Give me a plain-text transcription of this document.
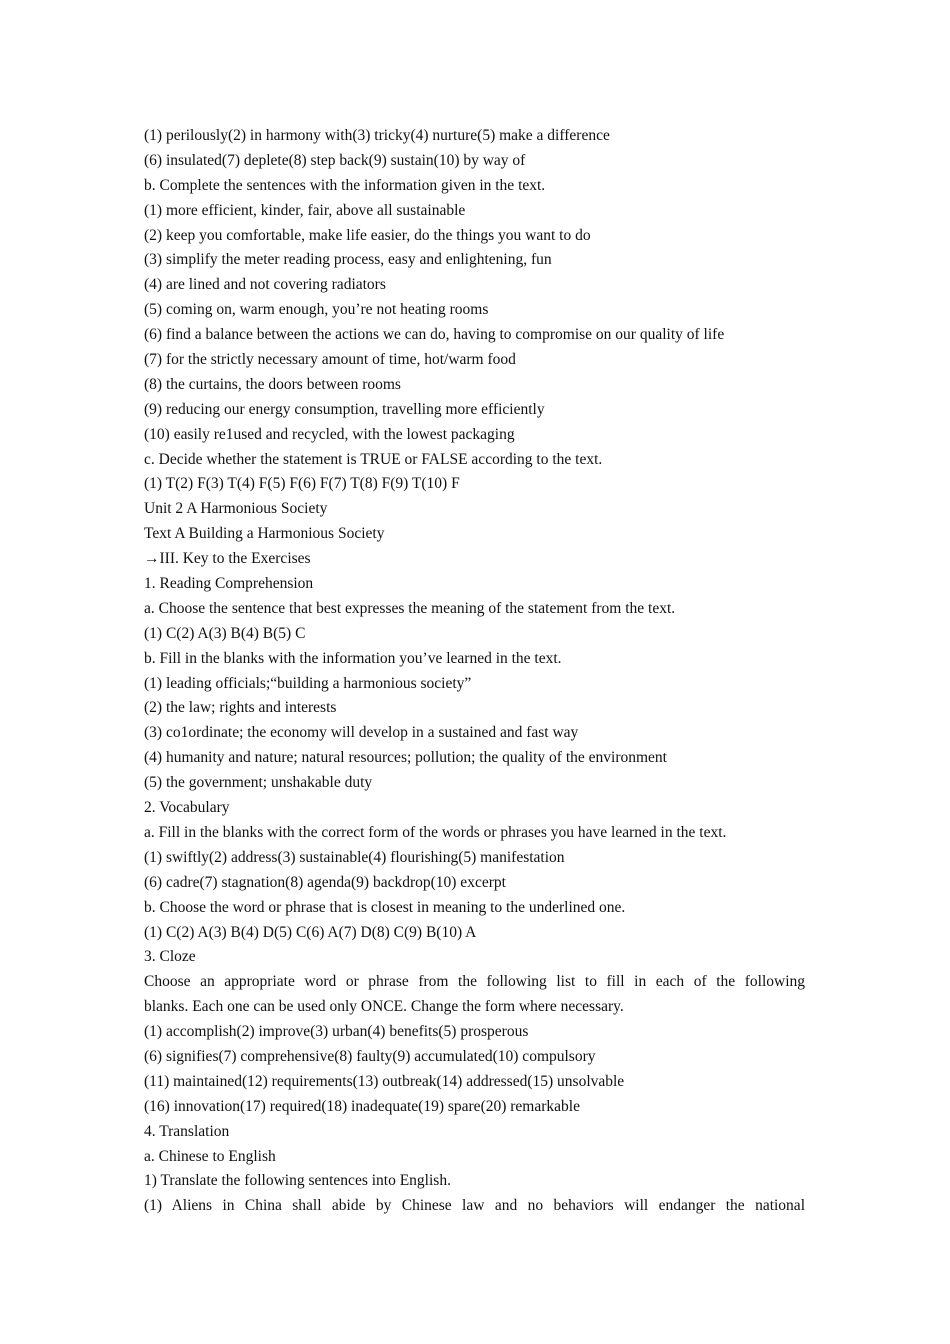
(1) perilously(2) in harmony with(3) tricky(4) nurture(5) make a difference
(6) insulated(7) deplete(8) step back(9) sustain(10) by way of
b. Complete the sentences with the information given in the text.
(1) more efficient, kinder, fair, above all sustainable
(2) keep you comfortable, make life easier, do the things you want to do
(3) simplify the meter reading process, easy and enlightening, fun
(4) are lined and not covering radiators
(5) coming on, warm enough, you’re not heating rooms
(6) find a balance between the actions we can do, having to compromise on our quality of life
(7) for the strictly necessary amount of time, hot/warm food
(8) the curtains, the doors between rooms
(9) reducing our energy consumption, travelling more efficiently
(10) easily re1used and recycled, with the lowest packaging
c. Decide whether the statement is TRUE or FALSE according to the text.
(1) T(2) F(3) T(4) F(5) F(6) F(7) T(8) F(9) T(10) F
Unit 2 A Harmonious Society
Text A Building a Harmonious Society
→III. Key to the Exercises
1. Reading Comprehension
a. Choose the sentence that best expresses the meaning of the statement from the text.
(1) C(2) A(3) B(4) B(5) C
b. Fill in the blanks with the information you’ve learned in the text.
(1) leading officials;“building a harmonious society”
(2) the law; rights and interests
(3) co1ordinate; the economy will develop in a sustained and fast way
(4) humanity and nature; natural resources; pollution; the quality of the environment
(5) the government; unshakable duty
2. Vocabulary
a. Fill in the blanks with the correct form of the words or phrases you have learned in the text.
(1) swiftly(2) address(3) sustainable(4) flourishing(5) manifestation
(6) cadre(7) stagnation(8) agenda(9) backdrop(10) excerpt
b. Choose the word or phrase that is closest in meaning to the underlined one.
(1) C(2) A(3) B(4) D(5) C(6) A(7) D(8) C(9) B(10) A
3. Cloze
Choose an appropriate word or phrase from the following list to fill in each of the following
blanks. Each one can be used only ONCE. Change the form where necessary.
(1) accomplish(2) improve(3) urban(4) benefits(5) prosperous
(6) signifies(7) comprehensive(8) faulty(9) accumulated(10) compulsory
(11) maintained(12) requirements(13) outbreak(14) addressed(15) unsolvable
(16) innovation(17) required(18) inadequate(19) spare(20) remarkable
4. Translation
a. Chinese to English
1) Translate the following sentences into English.
(1) Aliens in China shall abide by Chinese law and no behaviors will endanger the national
